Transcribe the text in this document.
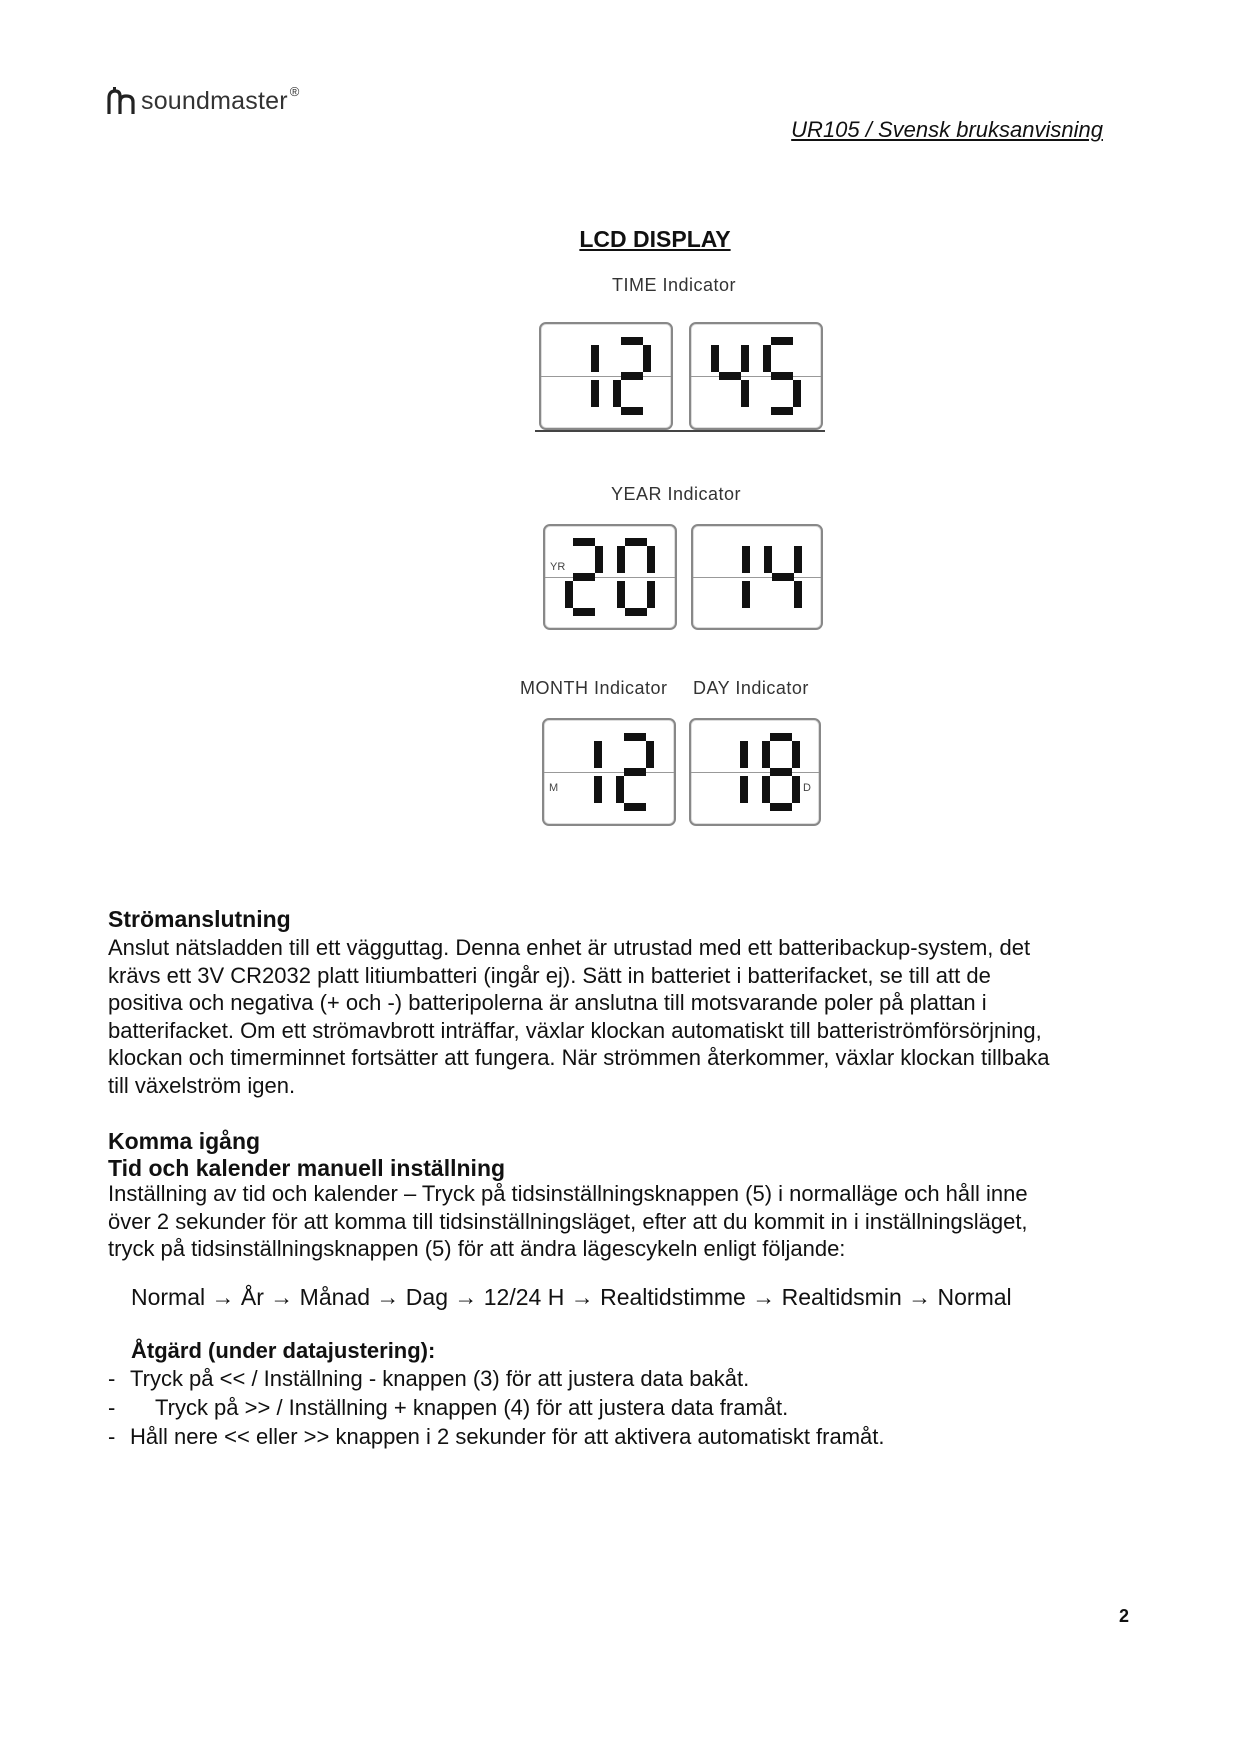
soundmaster ®
UR105 / Svensk bruksanvisning
LCD DISPLAY
TIME Indicator
YEAR Indicator
YR
MONTH Indicator DAY Indicator
M	D
Strömanslutning
Anslut nätsladden till ett vägguttag. Denna enhet är utrustad med ett batteribackup-system, det
krävs ett 3V CR2032 platt litiumbatteri (ingår ej). Sätt in batteriet i batterifacket, se till att de
positiva och negativa (+ och -) batteripolerna är anslutna till motsvarande poler på plattan i
batterifacket. Om ett strömavbrott inträffar, växlar klockan automatiskt till batteriströmförsörjning,
klockan och timerminnet fortsätter att fungera. När strömmen återkommer, växlar klockan tillbaka
till växelström igen.
Komma igång
Tid och kalender manuell inställning
Inställning av tid och kalender – Tryck på tidsinställningsknappen (5) i normalläge och håll inne
över 2 sekunder för att komma till tidsinställningsläget, efter att du kommit in i inställningsläget,
tryck på tidsinställningsknappen (5) för att ändra lägescykeln enligt följande:
Normal → År → Månad → Dag → 12/24 H → Realtidstimme → Realtidsmin → Normal
Åtgärd (under datajustering):
- Tryck på << / Inställning - knappen (3) för att justera data bakåt.
- Tryck på >> / Inställning + knappen (4) för att justera data framåt.
- Håll nere << eller >> knappen i 2 sekunder för att aktivera automatiskt framåt.
2
